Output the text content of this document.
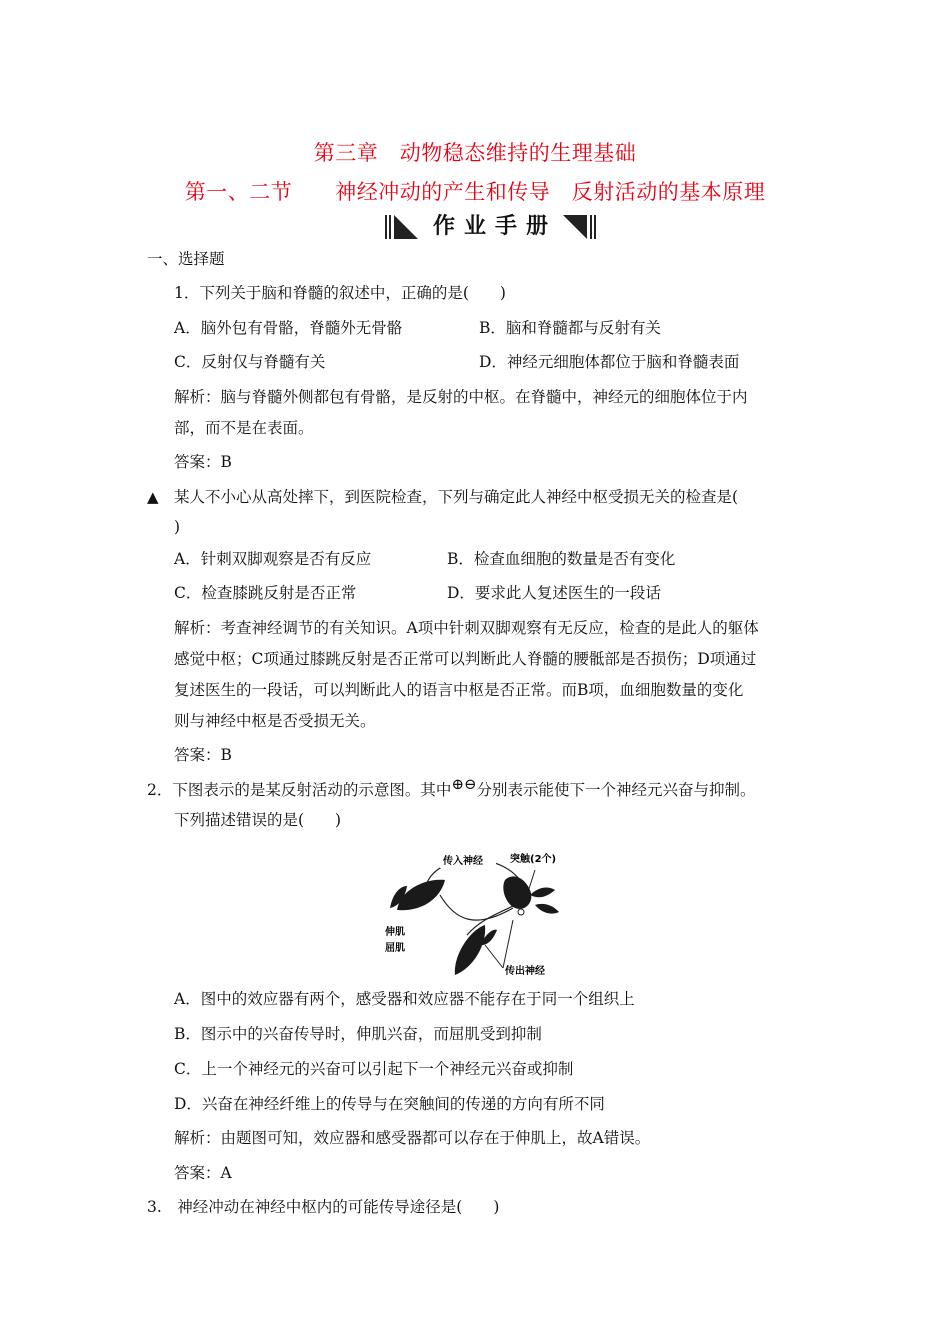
第三章　动物稳态维持的生理基础
第一、二节　　神经冲动的产生和传导　反射活动的基本原理
作业手册
一、选择题
1．下列关于脑和脊髓的叙述中，正确的是(　　)
A．脑外包有骨骼，脊髓外无骨骼	B．脑和脊髓都与反射有关
C．反射仅与脊髓有关	D．神经元细胞体都位于脑和脊髓表面
解析：脑与脊髓外侧都包有骨骼，是反射的中枢。在脊髓中，神经元的细胞体位于内
部，而不是在表面。
答案：B
▲ 某人不小心从高处摔下，到医院检查，下列与确定此人神经中枢受损无关的检查是(
)
A．针刺双脚观察是否有反应	B．检查血细胞的数量是否有变化
C．检查膝跳反射是否正常	D．要求此人复述医生的一段话
解析：考查神经调节的有关知识。A项中针刺双脚观察有无反应，检查的是此人的躯体
感觉中枢；C项通过膝跳反射是否正常可以判断此人脊髓的腰骶部是否损伤；D项通过
复述医生的一段话，可以判断此人的语言中枢是否正常。而B项，血细胞数量的变化
则与神经中枢是否受损无关。
答案：B
2．下图表示的是某反射活动的示意图。其中⊕⊖分别表示能使下一个神经元兴奋与抑制。
下列描述错误的是(　　)
传入神经	突触(2个)
伸肌
屈肌
传出神经
A．图中的效应器有两个，感受器和效应器不能存在于同一个组织上
B．图示中的兴奋传导时，伸肌兴奋，而屈肌受到抑制
C．上一个神经元的兴奋可以引起下一个神经元兴奋或抑制
D．兴奋在神经纤维上的传导与在突触间的传递的方向有所不同
解析：由题图可知，效应器和感受器都可以存在于伸肌上，故A错误。
答案：A
3.　神经冲动在神经中枢内的可能传导途径是(　　)
